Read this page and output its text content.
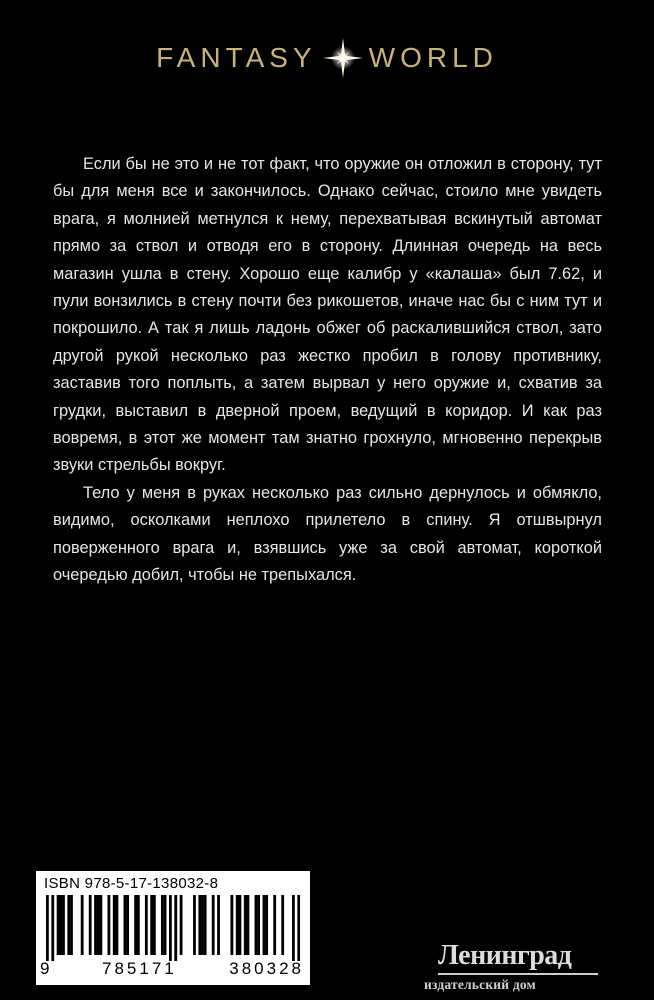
FANTASY WORLD

Если бы не это и не тот факт, что оружие он отложил в сторону, тут бы для меня все и закончилось. Однако сейчас, стоило мне увидеть врага, я молнией метнулся к нему, перехватывая вскинутый автомат прямо за ствол и отводя его в сторону. Длинная очередь на весь магазин ушла в стену. Хорошо еще калибр у «калаша» был 7.62, и пули вонзились в стену почти без рикошетов, иначе нас бы с ним тут и покрошило. А так я лишь ладонь обжег об раскалившийся ствол, зато другой рукой несколько раз жестко пробил в голову противнику, заставив того поплыть, а затем вырвал у него оружие и, схватив за грудки, выставил в дверной проем, ведущий в коридор. И как раз вовремя, в этот же момент там знатно грохнуло, мгновенно перекрыв звуки стрельбы вокруг.

Тело у меня в руках несколько раз сильно дернулось и обмякло, видимо, осколками неплохо прилетело в спину. Я отшвырнул поверженного врага и, взявшись уже за свой автомат, короткой очередью добил, чтобы не трепыхался.

ISBN 978-5-17-138032-8
9	785171	380328	Ленинград
издательский дом
